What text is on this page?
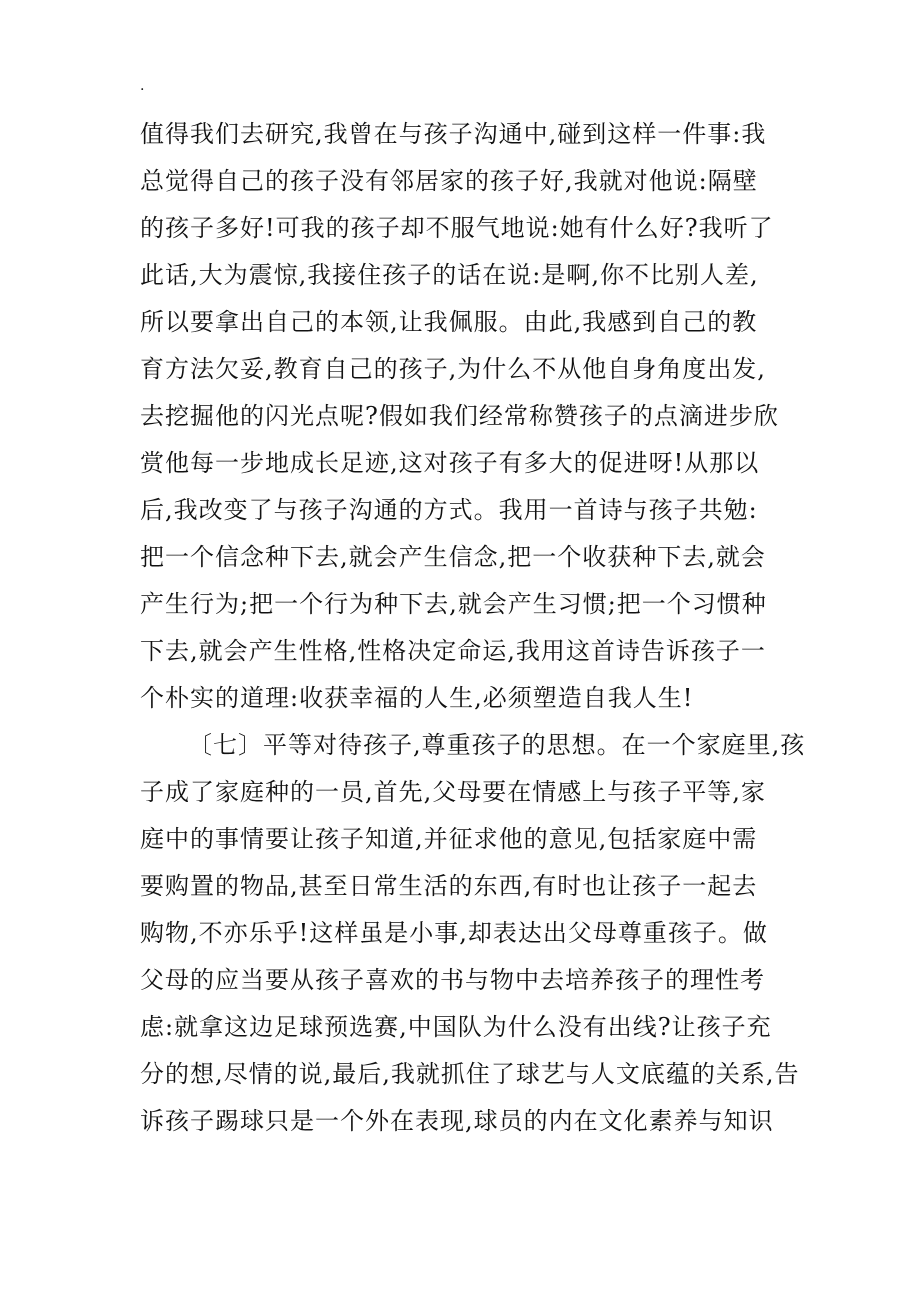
.
值得我们去研究,我曾在与孩子沟通中,碰到这样一件事:我
总觉得自己的孩子没有邻居家的孩子好,我就对他说:隔壁
的孩子多好!可我的孩子却不服气地说:她有什么好?我听了
此话,大为震惊,我接住孩子的话在说:是啊,你不比别人差,
所以要拿出自己的本领,让我佩服。由此,我感到自己的教
育方法欠妥,教育自己的孩子,为什么不从他自身角度出发,
去挖掘他的闪光点呢?假如我们经常称赞孩子的点滴进步欣
赏他每一步地成长足迹,这对孩子有多大的促进呀!从那以
后,我改变了与孩子沟通的方式。我用一首诗与孩子共勉:
把一个信念种下去,就会产生信念,把一个收获种下去,就会
产生行为;把一个行为种下去,就会产生习惯;把一个习惯种
下去,就会产生性格,性格决定命运,我用这首诗告诉孩子一
个朴实的道理:收获幸福的人生,必须塑造自我人生!
〔七〕平等对待孩子,尊重孩子的思想。在一个家庭里,孩
子成了家庭种的一员,首先,父母要在情感上与孩子平等,家
庭中的事情要让孩子知道,并征求他的意见,包括家庭中需
要购置的物品,甚至日常生活的东西,有时也让孩子一起去
购物,不亦乐乎!这样虽是小事,却表达出父母尊重孩子。做
父母的应当要从孩子喜欢的书与物中去培养孩子的理性考
虑:就拿这边足球预选赛,中国队为什么没有出线?让孩子充
分的想,尽情的说,最后,我就抓住了球艺与人文底蕴的关系,告
诉孩子踢球只是一个外在表现,球员的内在文化素养与知识
